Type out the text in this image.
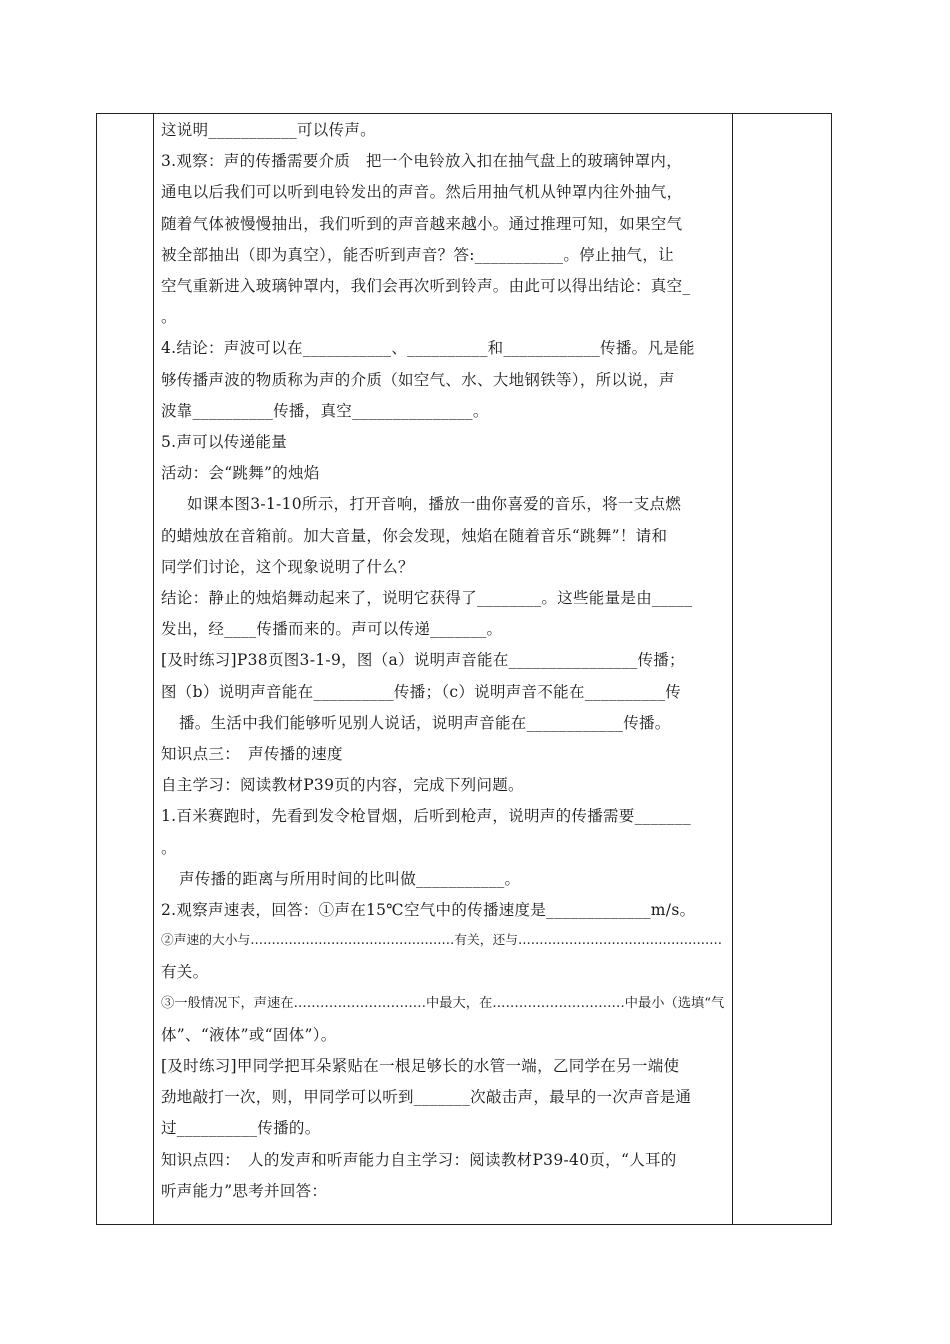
这说明___________可以传声。
3.观察：声的传播需要介质　把一个电铃放入扣在抽气盘上的玻璃钟罩内，
通电以后我们可以听到电铃发出的声音。然后用抽气机从钟罩内往外抽气，
随着气体被慢慢抽出，我们听到的声音越来越小。通过推理可知，如果空气
被全部抽出（即为真空），能否听到声音？答:___________。停止抽气，让
空气重新进入玻璃钟罩内，我们会再次听到铃声。由此可以得出结论：真空_
。
4.结论：声波可以在___________、__________和____________传播。凡是能
够传播声波的物质称为声的介质（如空气、水、大地钢铁等），所以说，声
波靠__________传播，真空_______________。
5.声可以传递能量
活动：会“跳舞”的烛焰
如课本图3-1-10所示，打开音响，播放一曲你喜爱的音乐，将一支点燃
的蜡烛放在音箱前。加大音量，你会发现，烛焰在随着音乐“跳舞”！请和
同学们讨论，这个现象说明了什么？
结论：静止的烛焰舞动起来了，说明它获得了________。这些能量是由_____
发出，经____传播而来的。声可以传递_______。
[及时练习]P38页图3-1-9，图（a）说明声音能在________________传播；
图（b）说明声音能在__________传播；（c）说明声音不能在__________传
播。生活中我们能够听见别人说话，说明声音能在____________传播。
知识点三：　声传播的速度
自主学习：阅读教材P39页的内容，完成下列问题。
1.百米赛跑时，先看到发令枪冒烟，后听到枪声，说明声的传播需要_______
。
声传播的距离与所用时间的比叫做___________。
2.观察声速表，回答：①声在15℃空气中的传播速度是_____________m/s。
②声速的大小与…………………………………………有关，还与…………………………………………
有关。
③一般情况下，声速在…………………………中最大，在…………………………中最小（选填“气
体”、“液体”或“固体”）。
[及时练习]甲同学把耳朵紧贴在一根足够长的水管一端，乙同学在另一端使
劲地敲打一次，则，甲同学可以听到_______次敲击声，最早的一次声音是通
过__________传播的。
知识点四：　人的发声和听声能力自主学习：阅读教材P39-40页，“人耳的
听声能力”思考并回答：
